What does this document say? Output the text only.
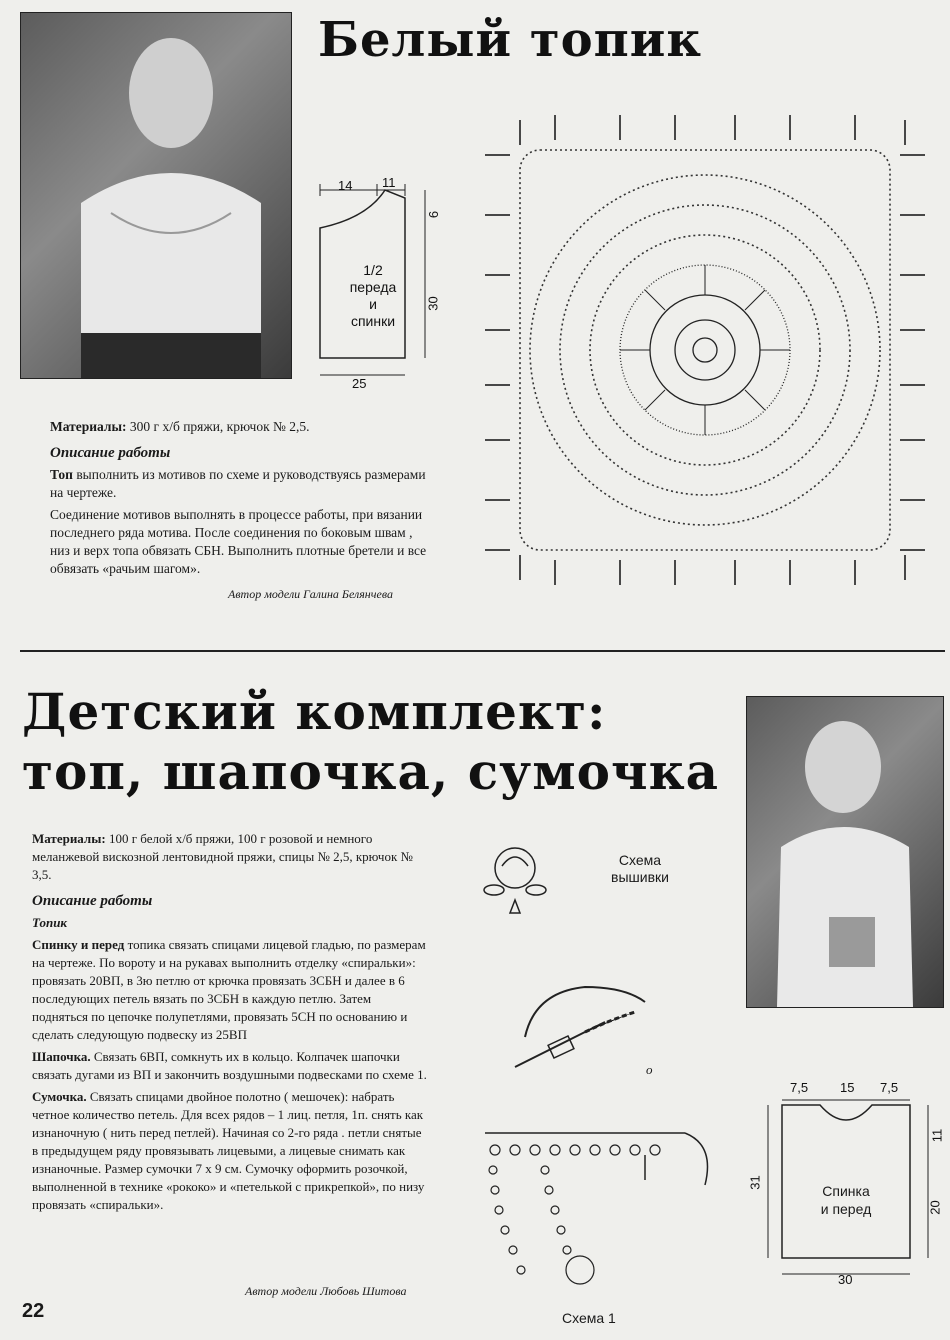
Белый топик
14 11
6
30
25
1/2
переда
и
спинки

Материалы: 300 г х/б пряжи, крючок № 2,5.

Описание работы

Топ выполнить из мотивов по схеме и руководствуясь размерами на чертеже.

Соединение мотивов выполнять в процессе работы, при вязании последнего ряда мотива. После соединения по боковым швам , низ и верх топа обвязать СБН. Выполнить плотные бретели и все обвязать «рачьим шагом».

Автор модели Галина Белянчева
Детский комплект:
топ, шапочка, сумочка

Материалы: 100 г белой х/б пряжи, 100 г розовой и немного меланжевой вискозной лентовидной пряжи, спицы № 2,5, крючок № 3,5.

Описание работы
Топик

Спинку и перед топика связать спицами лицевой гладью, по размерам на чертеже. По вороту и на рукавах выполнить отделку «спиральки»: провязать 20ВП, в 3ю петлю от крючка провязать 3СБН и далее в 6 последующих петель вязать по 3СБН в каждую петлю. Затем подняться по цепочке полупетлями, провязать 5СН по основанию и сделать следующую подвеску из 25ВП

Шапочка. Связать 6ВП, сомкнуть их в кольцо. Колпачек шапочки связать дугами из ВП и закончить воздушными подвесками по схеме 1.

Сумочка. Связать спицами двойное полотно ( мешочек): набрать четное количество петель. Для всех рядов – 1 лиц. петля, 1п. снять как изнаночную ( нить перед петлей). Начиная со 2-го ряда . петли снятые в предыдущем ряду провязывать лицевыми, а лицевые снимать как изнаночные. Размер сумочки 7 х 9 см. Сумочку оформить розочкой, выполненной в технике «рококо» и «петелькой с прикрепкой», по низу провязать «спиральки».

Автор модели Любовь Шитова
Схема
вышивки
о
Схема 1
7,5 15 7,5
11
20
31
30
Спинка
и перед
22
